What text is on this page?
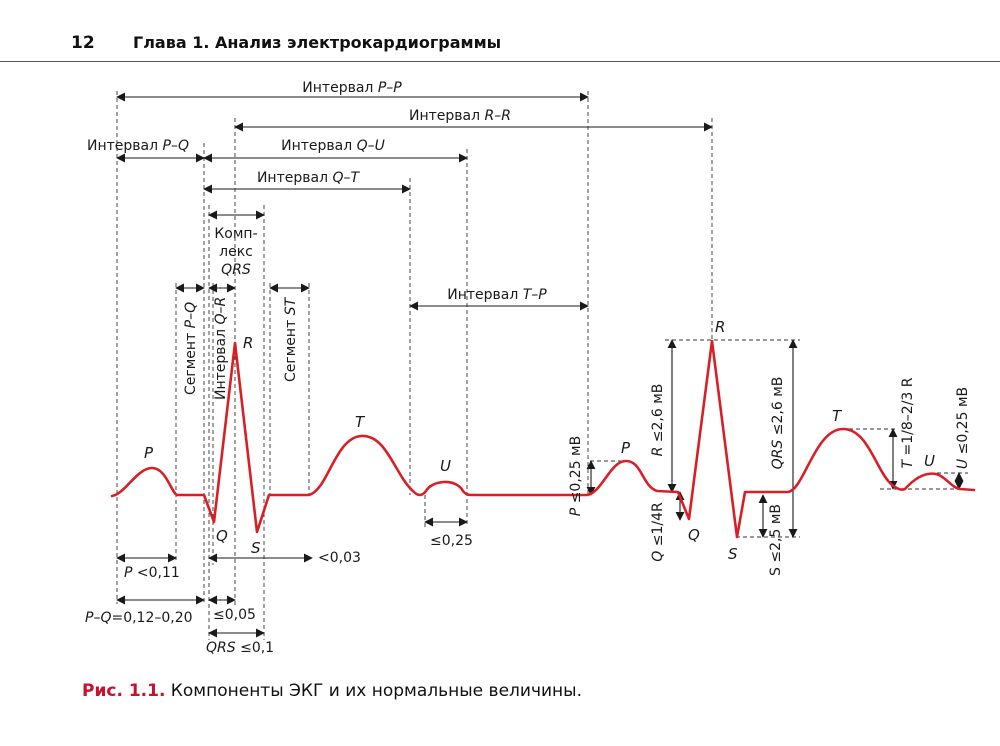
12 Глава 1. Анализ электрокардиограммы
Интервал P–P
Интервал R–R
Интервал P–Q	Интервал Q–U
Интервал Q–T
Интервал T–P
Комп-
лекс
QRS
Сегмент P–Q
Интервал Q–R
Сегмент ST
P
Q
R
S
T
U
P
Q
R
S
T
U
P <0,11
<0,03
P–Q=0,12–0,20 ≤0,05
QRS ≤0,1
≤0,25
P ≤0,25 мВ	R ≤2,6 мВ
Q ≤1/4R
QRS ≤2,6 мВ
S ≤2,5 мВ
T =1/8–2/3 R
U ≤0,25 мВ
Рис. 1.1. Компоненты ЭКГ и их нормальные величины.
